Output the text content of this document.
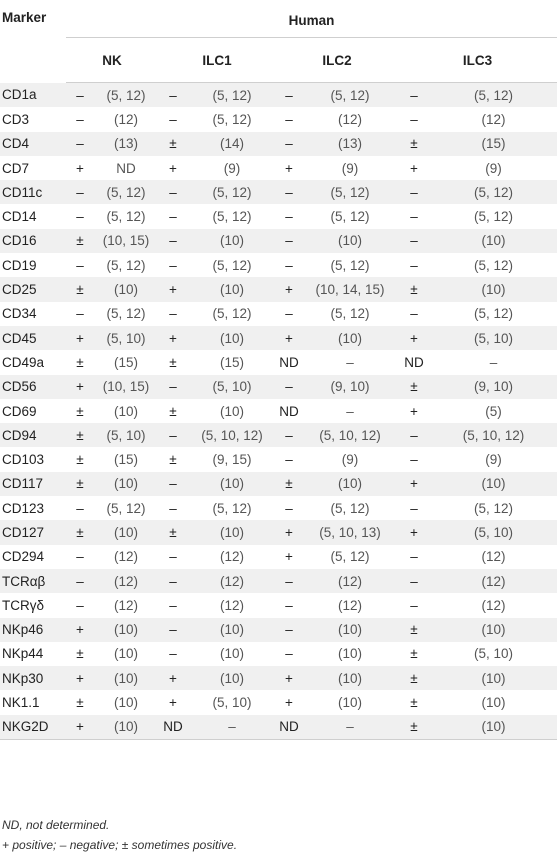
Marker	Human							
	NK		ILC1		ILC2		ILC3	
CD1a	–	(5, 12)	–	(5, 12)	–	(5, 12)	–	(5, 12)
CD3	–	(12)	–	(5, 12)	–	(12)	–	(12)
CD4	–	(13)	±	(14)	–	(13)	±	(15)
CD7	+	ND	+	(9)	+	(9)	+	(9)
CD11c	–	(5, 12)	–	(5, 12)	–	(5, 12)	–	(5, 12)
CD14	–	(5, 12)	–	(5, 12)	–	(5, 12)	–	(5, 12)
CD16	±	(10, 15)	–	(10)	–	(10)	–	(10)
CD19	–	(5, 12)	–	(5, 12)	–	(5, 12)	–	(5, 12)
CD25	±	(10)	+	(10)	+	(10, 14, 15)	±	(10)
CD34	–	(5, 12)	–	(5, 12)	–	(5, 12)	–	(5, 12)
CD45	+	(5, 10)	+	(10)	+	(10)	+	(5, 10)
CD49a	±	(15)	±	(15)	ND	–	ND	–
CD56	+	(10, 15)	–	(5, 10)	–	(9, 10)	±	(9, 10)
CD69	±	(10)	±	(10)	ND	–	+	(5)
CD94	±	(5, 10)	–	(5, 10, 12)	–	(5, 10, 12)	–	(5, 10, 12)
CD103	±	(15)	±	(9, 15)	–	(9)	–	(9)
CD117	±	(10)	–	(10)	±	(10)	+	(10)
CD123	–	(5, 12)	–	(5, 12)	–	(5, 12)	–	(5, 12)
CD127	±	(10)	±	(10)	+	(5, 10, 13)	+	(5, 10)
CD294	–	(12)	–	(12)	+	(5, 12)	–	(12)
TCRαβ	–	(12)	–	(12)	–	(12)	–	(12)
TCRγδ	–	(12)	–	(12)	–	(12)	–	(12)
NKp46	+	(10)	–	(10)	–	(10)	±	(10)
NKp44	±	(10)	–	(10)	–	(10)	±	(5, 10)
NKp30	+	(10)	+	(10)	+	(10)	±	(10)
NK1.1	±	(10)	+	(5, 10)	+	(10)	±	(10)
NKG2D	+	(10)	ND	–	ND	–	±	(10)
ND, not determined.
+ positive; – negative; ± sometimes positive.
